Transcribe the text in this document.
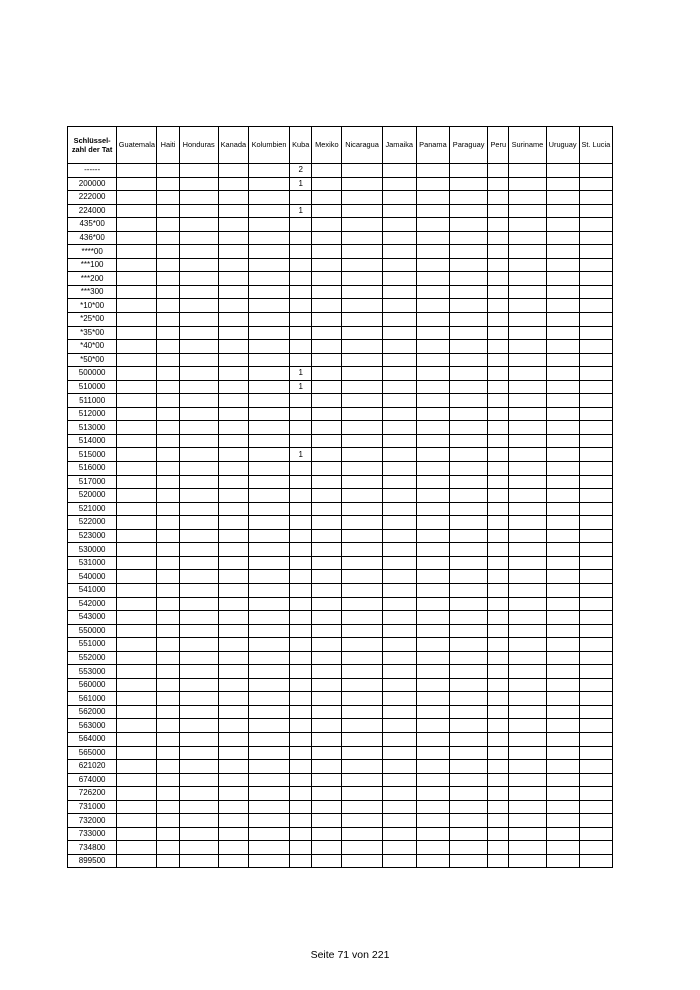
Schlüssel-zahl der Tat	Guatemala	Haiti	Honduras	Kanada	Kolumbien	Kuba	Mexiko	Nicaragua	Jamaika	Panama	Paraguay	Peru	Suriname	Uruguay	St. Lucia
------						2									
200000						1									
222000															
224000						1									
435*00															
436*00															
****00															
***100															
***200															
***300															
*10*00															
*25*00															
*35*00															
*40*00															
*50*00															
500000						1									
510000						1									
511000															
512000															
513000															
514000															
515000						1									
516000															
517000															
520000															
521000															
522000															
523000															
530000															
531000															
540000															
541000															
542000															
543000															
550000															
551000															
552000															
553000															
560000															
561000															
562000															
563000															
564000															
565000															
621020															
674000															
726200															
731000															
732000															
733000															
734800															
899500															
Seite 71 von 221
